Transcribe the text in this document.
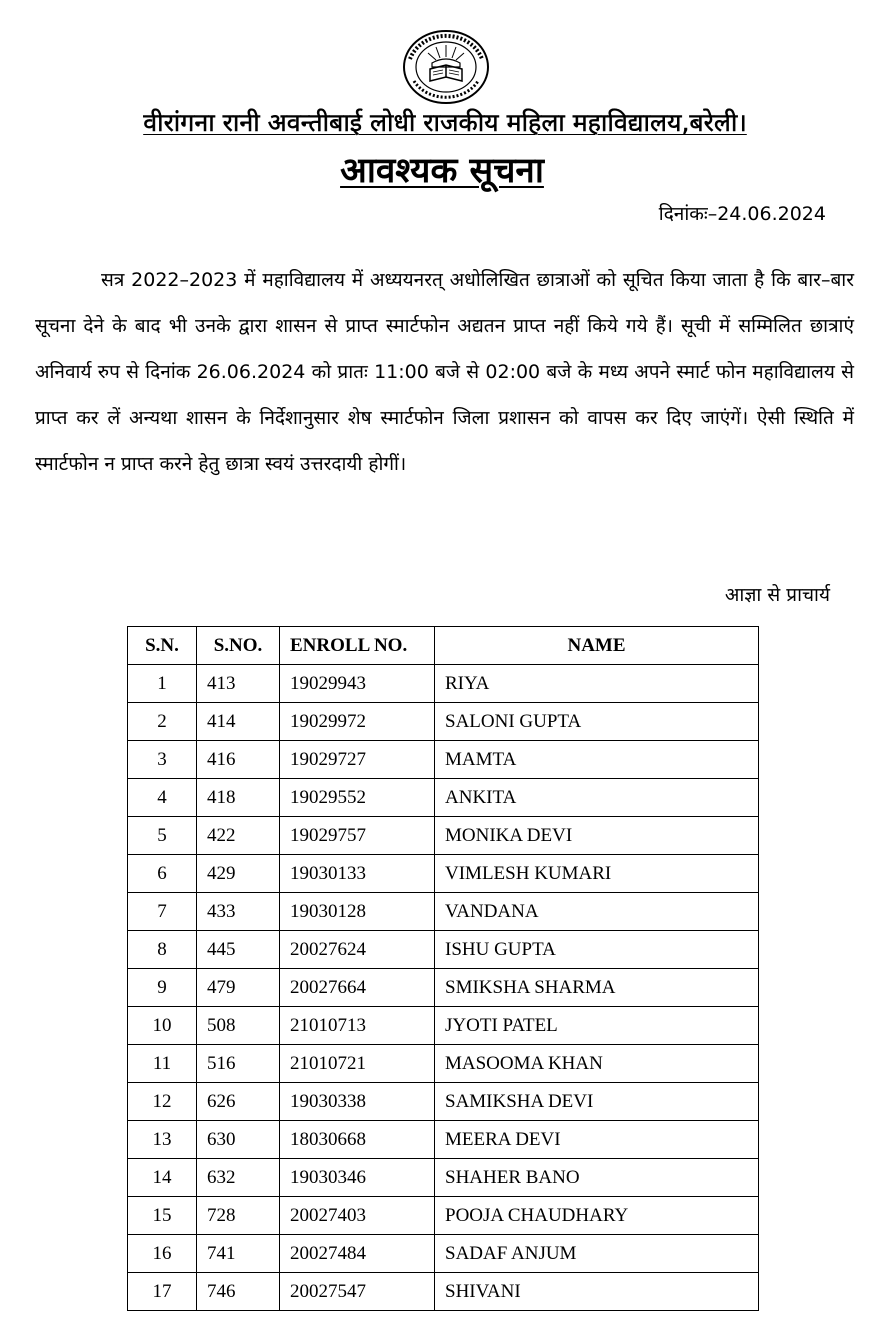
वीरांगना रानी अवन्तीबाई लोधी राजकीय महिला महाविद्यालय,बरेली।
आवश्यक सूचना
दिनांकः–24.06.2024
सत्र 2022–2023 में महाविद्यालय में अध्ययनरत् अधोलिखित छात्राओं को सूचित किया जाता है कि बार–बार सूचना देने के बाद भी उनके द्वारा शासन से प्राप्त स्मार्टफोन अद्यतन प्राप्त नहीं किये गये हैं। सूची में सम्मिलित छात्राएं अनिवार्य रुप से दिनांक 26.06.2024 को प्रातः 11:00 बजे से 02:00 बजे के मध्य अपने स्मार्ट फोन महाविद्यालय से प्राप्त कर लें अन्यथा शासन के निर्देशानुसार शेष स्मार्टफोन जिला प्रशासन को वापस कर दिए जाएंगें। ऐसी स्थिति में स्मार्टफोन न प्राप्त करने हेतु छात्रा स्वयं उत्तरदायी होगीं।
आज्ञा से प्राचार्य
S.N.	S.NO.	ENROLL NO.	NAME
1	413	19029943	RIYA
2	414	19029972	SALONI GUPTA
3	416	19029727	MAMTA
4	418	19029552	ANKITA
5	422	19029757	MONIKA DEVI
6	429	19030133	VIMLESH KUMARI
7	433	19030128	VANDANA
8	445	20027624	ISHU GUPTA
9	479	20027664	SMIKSHA SHARMA
10	508	21010713	JYOTI PATEL
11	516	21010721	MASOOMA KHAN
12	626	19030338	SAMIKSHA DEVI
13	630	18030668	MEERA DEVI
14	632	19030346	SHAHER BANO
15	728	20027403	POOJA CHAUDHARY
16	741	20027484	SADAF ANJUM
17	746	20027547	SHIVANI
